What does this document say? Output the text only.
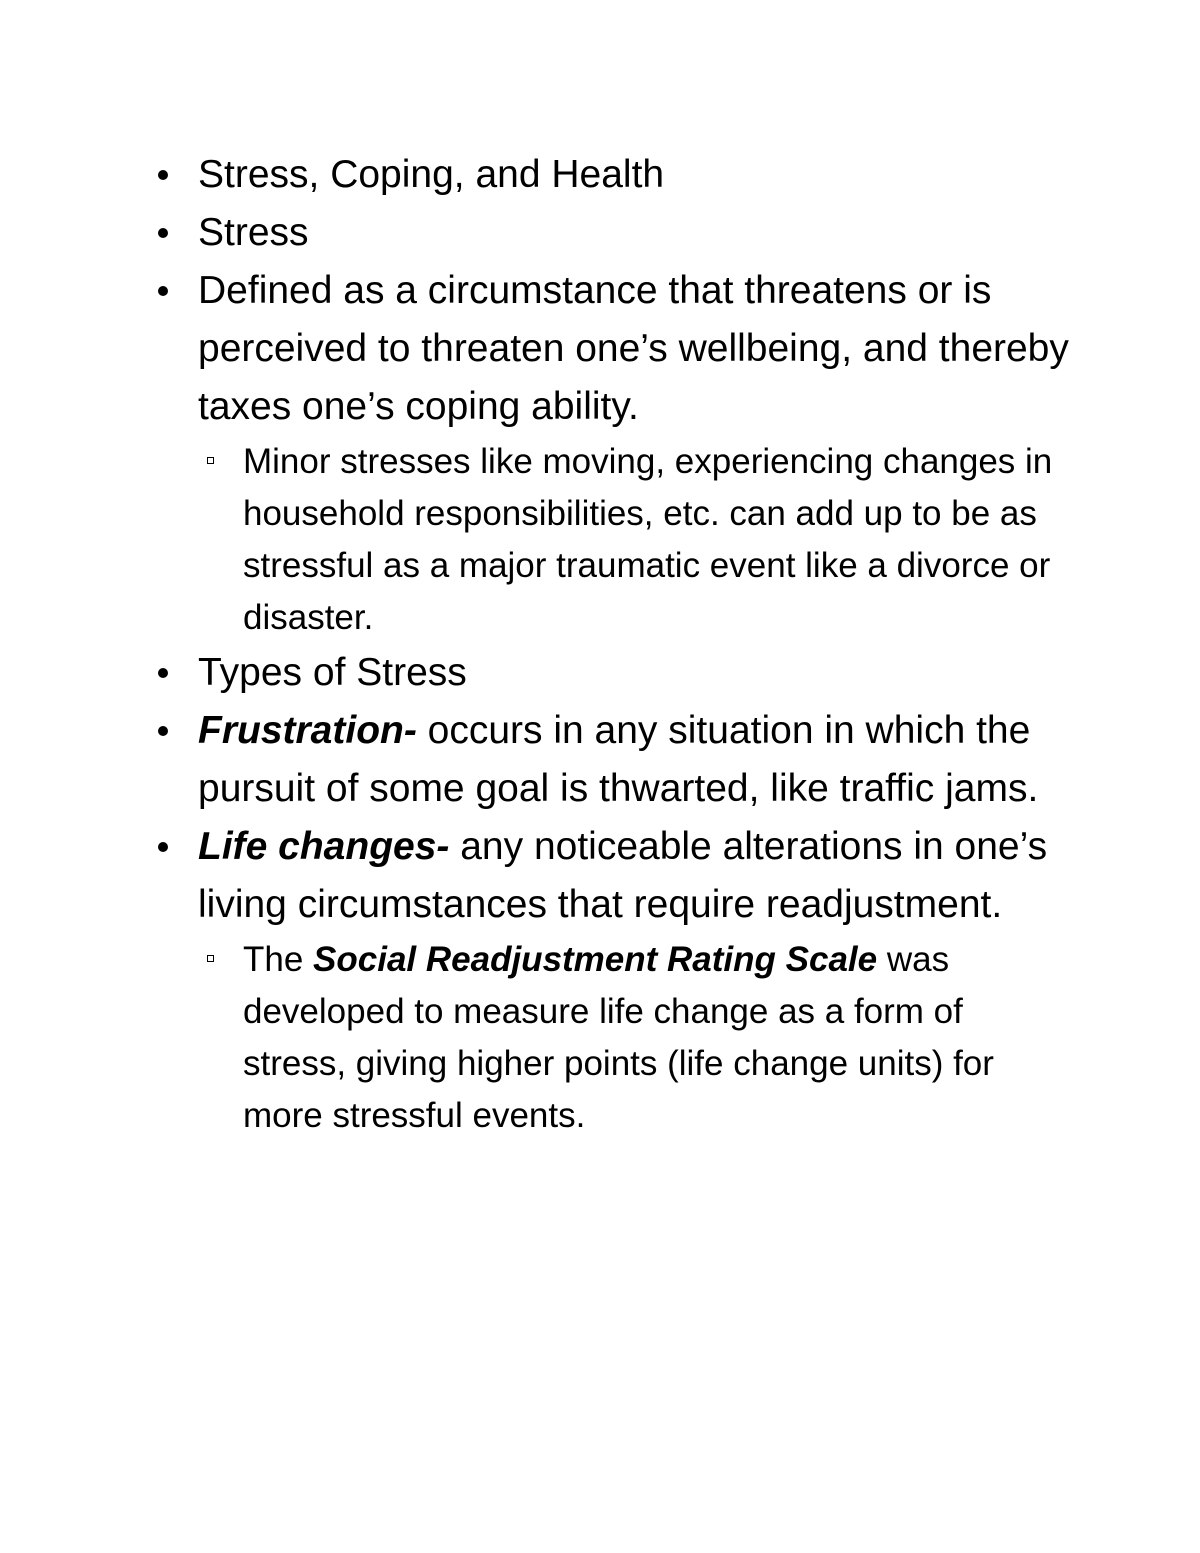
Stress, Coping, and Health
Stress
Defined as a circumstance that threatens or is perceived to threaten one’s wellbeing, and thereby taxes one’s coping ability.
Minor stresses like moving, experiencing changes in household responsibilities, etc. can add up to be as stressful as a major traumatic event like a divorce or disaster.
Types of Stress
Frustration- occurs in any situation in which the pursuit of some goal is thwarted, like traffic jams.
Life changes- any noticeable alterations in one’s living circumstances that require readjustment.
The Social Readjustment Rating Scale was developed to measure life change as a form of stress, giving higher points (life change units) for more stressful events.
